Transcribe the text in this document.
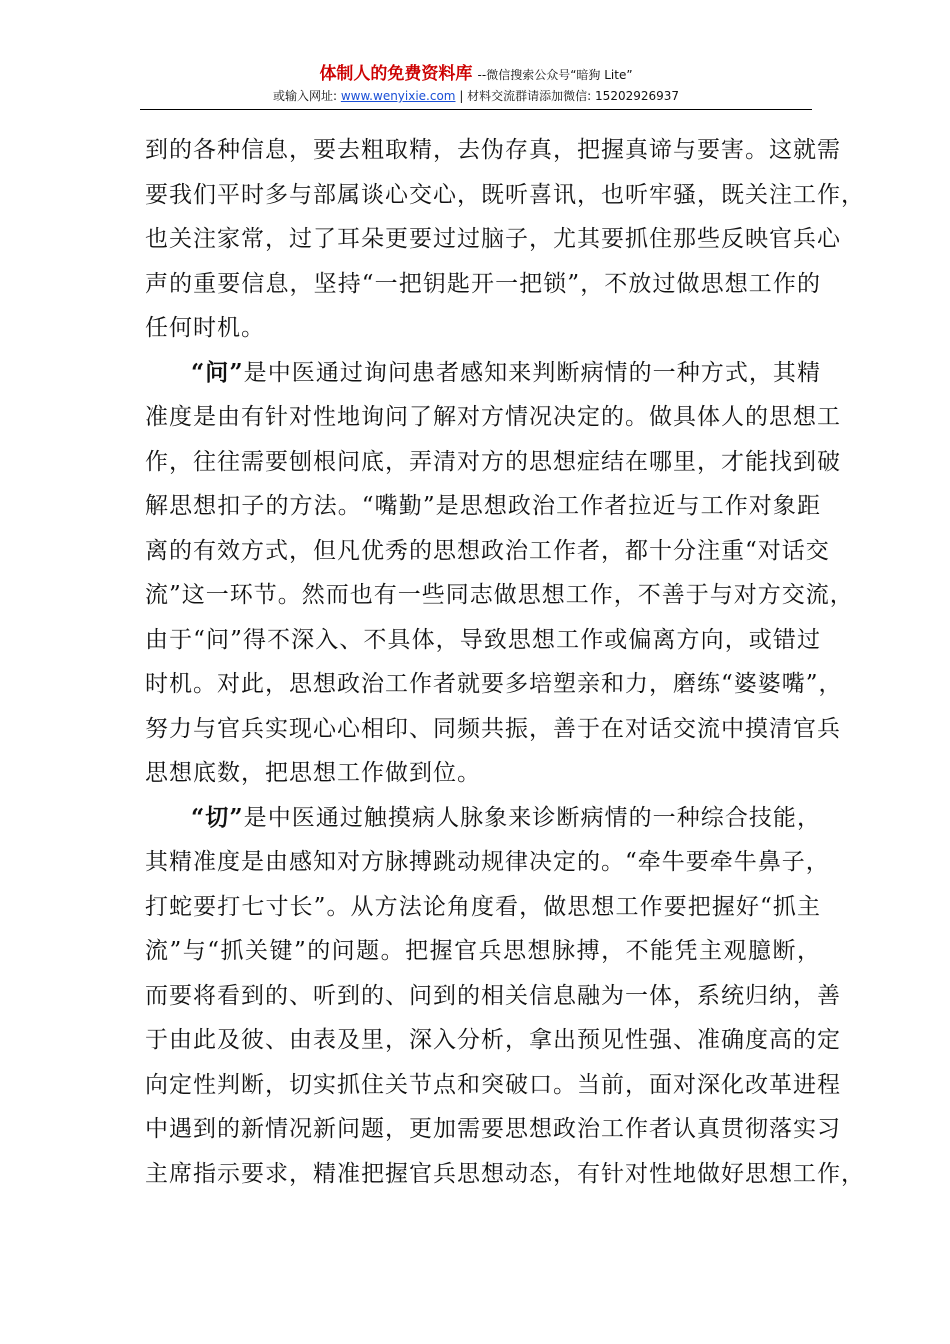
体制人的免费资料库 --微信搜索公众号“暗狗 Lite”
或输入网址: www.wenyixie.com | 材料交流群请添加微信: 15202926937
到的各种信息，要去粗取精，去伪存真，把握真谛与要害。这就需
要我们平时多与部属谈心交心，既听喜讯，也听牢骚，既关注工作，
也关注家常，过了耳朵更要过过脑子，尤其要抓住那些反映官兵心
声的重要信息，坚持“一把钥匙开一把锁”，不放过做思想工作的
任何时机。
“问”是中医通过询问患者感知来判断病情的一种方式，其精
准度是由有针对性地询问了解对方情况决定的。做具体人的思想工
作，往往需要刨根问底，弄清对方的思想症结在哪里，才能找到破
解思想扣子的方法。“嘴勤”是思想政治工作者拉近与工作对象距
离的有效方式，但凡优秀的思想政治工作者，都十分注重“对话交
流”这一环节。然而也有一些同志做思想工作，不善于与对方交流，
由于“问”得不深入、不具体，导致思想工作或偏离方向，或错过
时机。对此，思想政治工作者就要多培塑亲和力，磨练“婆婆嘴”，
努力与官兵实现心心相印、同频共振，善于在对话交流中摸清官兵
思想底数，把思想工作做到位。
“切”是中医通过触摸病人脉象来诊断病情的一种综合技能，
其精准度是由感知对方脉搏跳动规律决定的。“牵牛要牵牛鼻子，
打蛇要打七寸长”。从方法论角度看，做思想工作要把握好“抓主
流”与“抓关键”的问题。把握官兵思想脉搏，不能凭主观臆断，
而要将看到的、听到的、问到的相关信息融为一体，系统归纳，善
于由此及彼、由表及里，深入分析，拿出预见性强、准确度高的定
向定性判断，切实抓住关节点和突破口。当前，面对深化改革进程
中遇到的新情况新问题，更加需要思想政治工作者认真贯彻落实习
主席指示要求，精准把握官兵思想动态，有针对性地做好思想工作，
